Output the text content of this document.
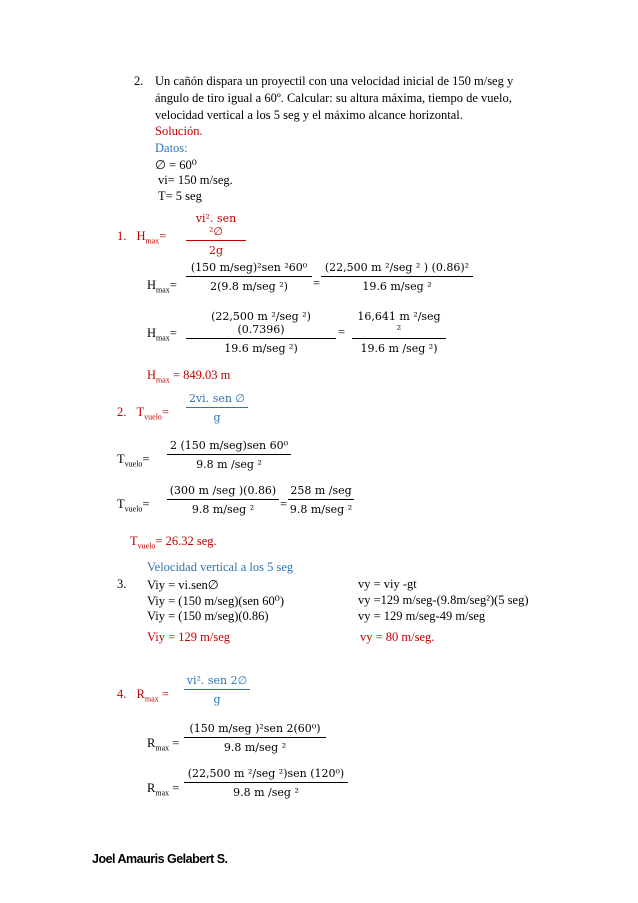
2. Un cañón dispara un proyectil con una velocidad inicial de 150 m/seg y
ángulo de tiro igual a 60º. Calcular: su altura máxima, tiempo de vuelo,
velocidad vertical a los 5 seg y el máximo alcance horizontal.
Solución.
Datos:
∅ = 60⁰
vi= 150 m/seg.
T= 5 seg
1. $H_{max}=$
vi². sen ²∅
2g
$H_{max}=$
(150 m/seg)²sen ²60⁰
2(9.8 m/seg ²)	=
(22,500 m ²/seg ² ) (0.86)²
19.6 m/seg ²
$H_{max}=$
(22,500 m ²/seg ²)(0.7396)
19.6 m/seg ²)
=
16,641 m ²/seg ²
19.6 m /seg ²)
$H_{max} = 849.03$ m
2. $T_{vuelo}=$
2vi. sen ∅
g
$T_{vuelo}=$
2 (150 m/seg)sen 60⁰
9.8 m /seg ²
$T_{vuelo}=$
(300 m /seg )(0.86)
9.8 m/seg ²	=
258 m /seg
9.8 m/seg ²
$T_{vuelo}= 26.32$ seg.
Velocidad vertical a los 5 seg
3. Viy = vi.sen∅
Viy = (150 m/seg)(sen 60⁰)
Viy = (150 m/seg)(0.86)
Viy = 129 m/seg
vy = viy -gt
vy =129 m/seg-(9.8m/seg²)(5 seg)
vy = 129 m/seg-49 m/seg
vy = 80 m/seg.
4. $R_{max}$ =
vi². sen 2∅
g
$R_{max}$ =
(150 m/seg )²sen 2(60⁰)
9.8 m/seg ²
$R_{max}$ =
(22,500 m ²/seg ²)sen (120⁰)
9.8 m /seg ²
Joel Amauris Gelabert S.
